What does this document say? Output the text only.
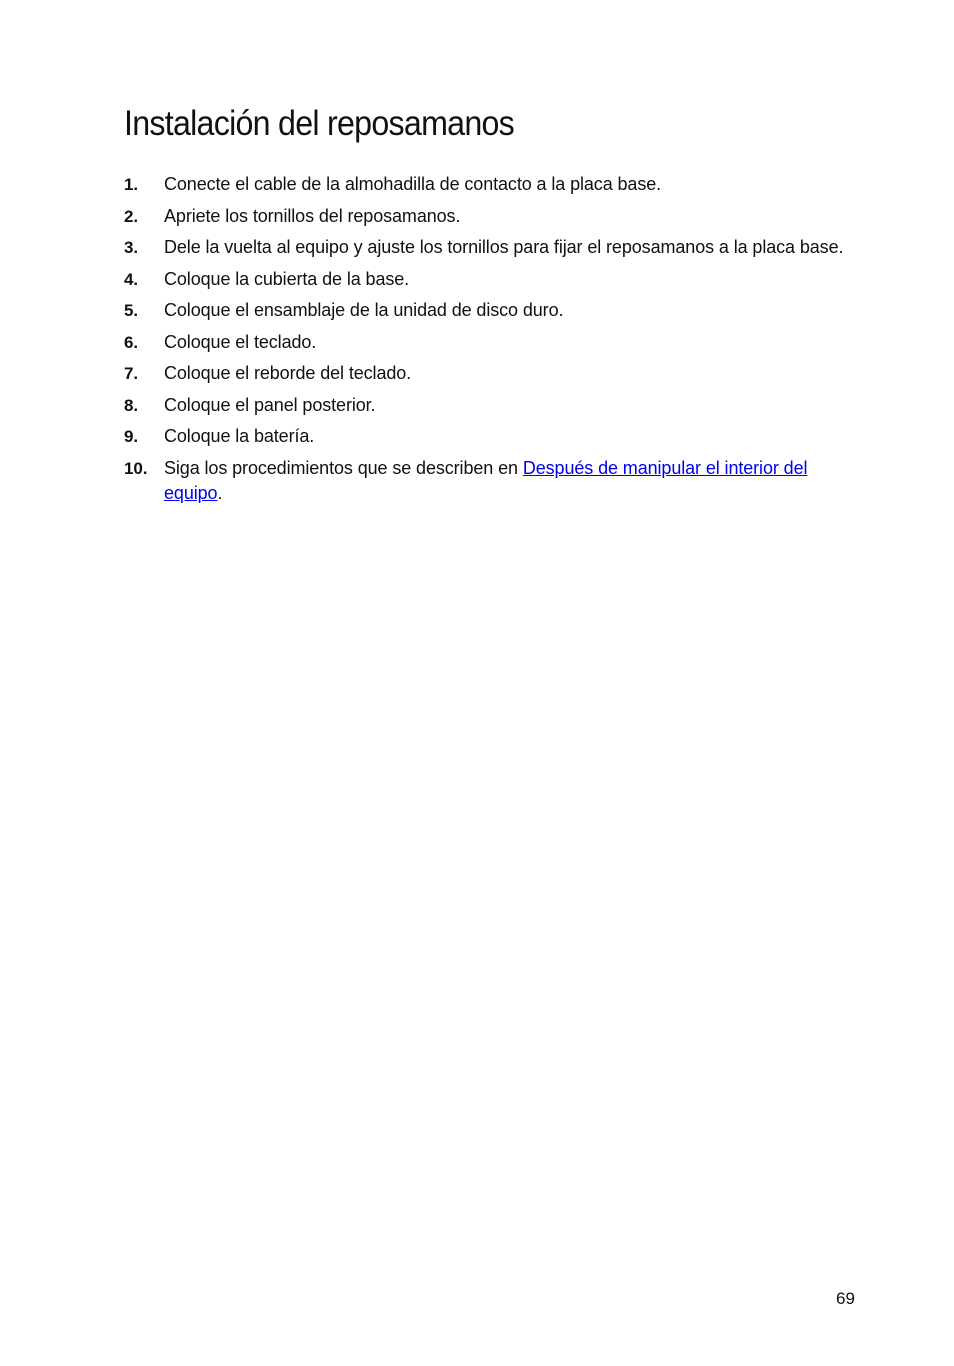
Instalación del reposamanos
1. Conecte el cable de la almohadilla de contacto a la placa base.
2. Apriete los tornillos del reposamanos.
3. Dele la vuelta al equipo y ajuste los tornillos para fijar el reposamanos a la placa base.
4. Coloque la cubierta de la base.
5. Coloque el ensamblaje de la unidad de disco duro.
6. Coloque el teclado.
7. Coloque el reborde del teclado.
8. Coloque el panel posterior.
9. Coloque la batería.
10. Siga los procedimientos que se describen en Después de manipular el interior del equipo.
69
